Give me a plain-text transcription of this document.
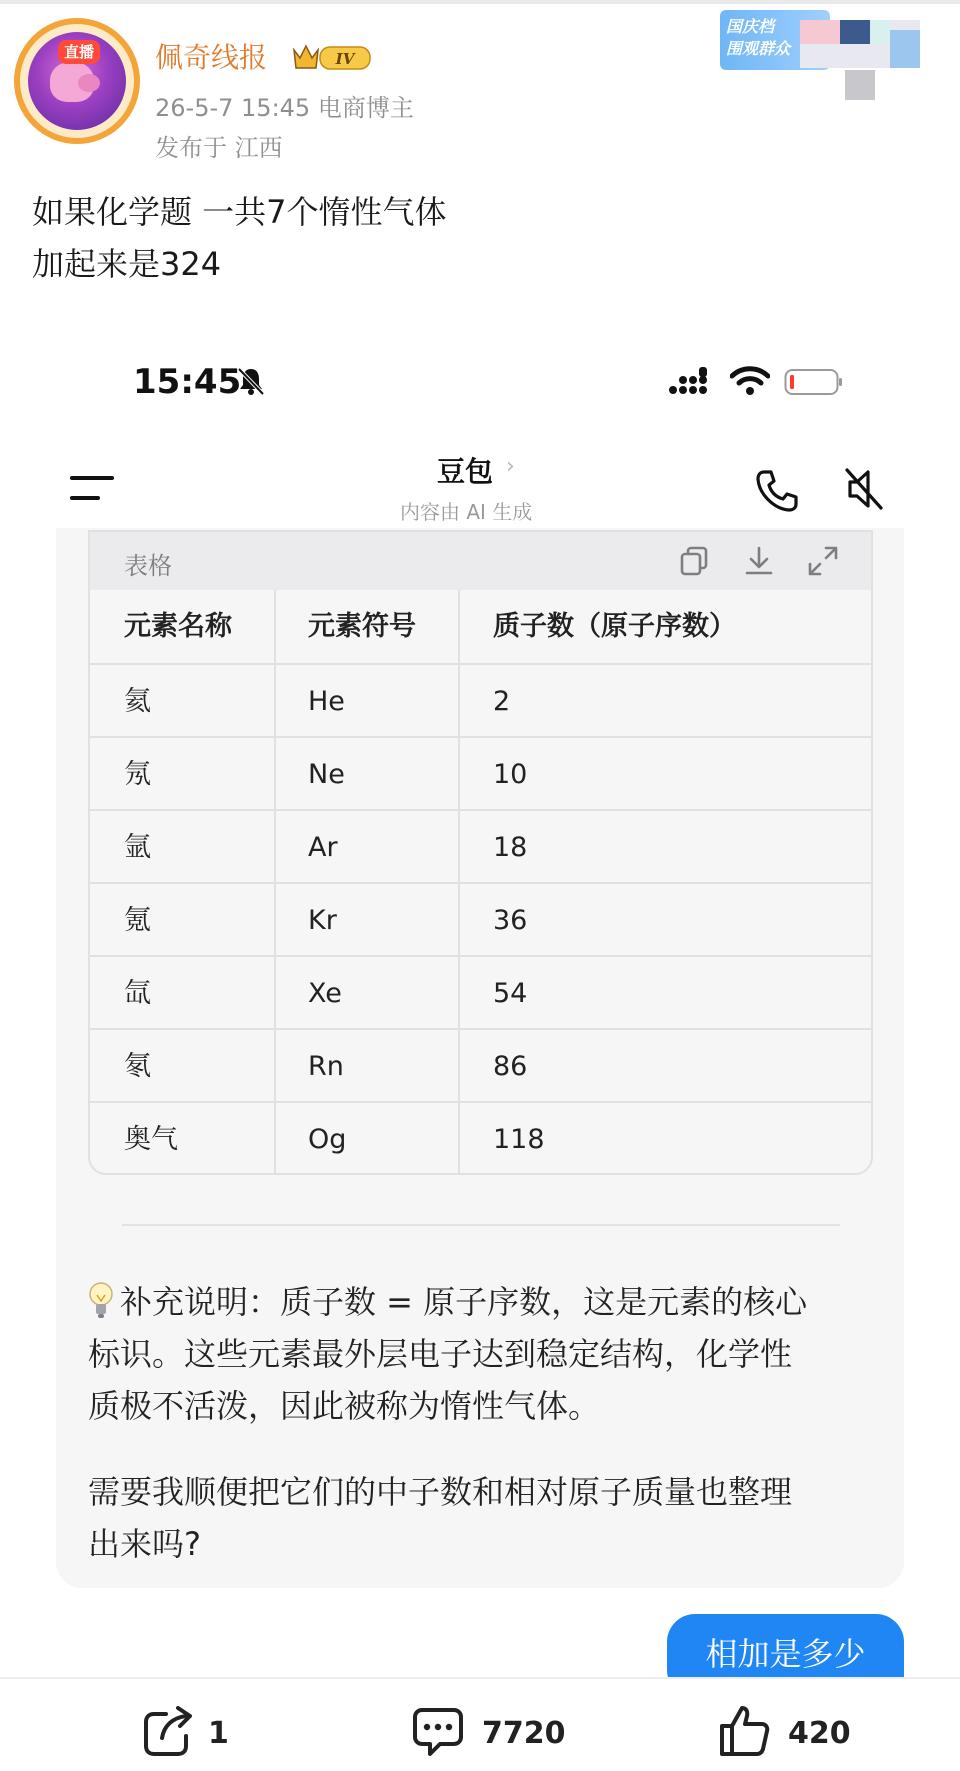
直播 佩奇线报	IV
26-5-7 15:45 电商博主
发布于 江西
国庆档
围观群众
如果化学题 一共7个惰性气体
加起来是324
15:45
豆包 ›
内容由 AI 生成
表格
元素名称	元素符号	质子数（原子序数）
氦	He	2
氖	Ne	10
氩	Ar	18
氪	Kr	36
氙	Xe	54
氡	Rn	86
奥气	Og	118
补充说明：质子数 = 原子序数，这是元素的核心
标识。这些元素最外层电子达到稳定结构，化学性
质极不活泼，因此被称为惰性气体。
需要我顺便把它们的中子数和相对原子质量也整理
出来吗?
相加是多少
1	7720	420
